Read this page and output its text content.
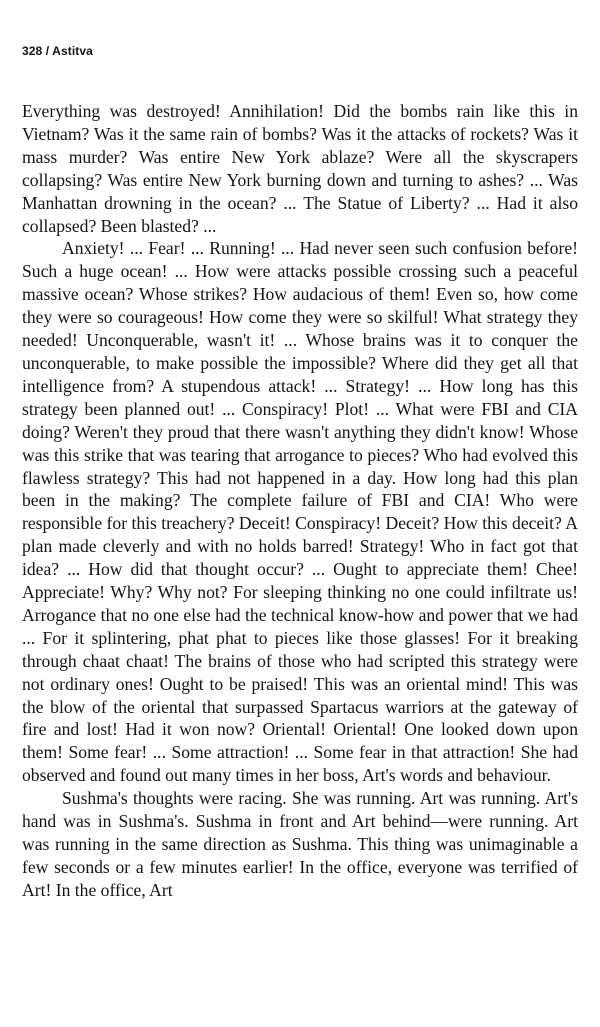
328 / Astitva

Everything was destroyed! Annihilation! Did the bombs rain like this in Vietnam? Was it the same rain of bombs? Was it the attacks of rockets? Was it mass murder? Was entire New York ablaze? Were all the skyscrapers collapsing? Was entire New York burning down and turning to ashes? ... Was Manhattan drowning in the ocean? ... The Statue of Liberty? ... Had it also collapsed? Been blasted? ...

Anxiety! ... Fear! ... Running! ... Had never seen such confusion before! Such a huge ocean! ... How were attacks possible crossing such a peaceful massive ocean? Whose strikes? How audacious of them! Even so, how come they were so courageous! How come they were so skilful! What strategy they needed! Unconquerable, wasn't it! ... Whose brains was it to conquer the unconquerable, to make possible the impossible? Where did they get all that intelligence from? A stupendous attack! ... Strategy! ... How long has this strategy been planned out! ... Conspiracy! Plot! ... What were FBI and CIA doing? Weren't they proud that there wasn't anything they didn't know! Whose was this strike that was tearing that arrogance to pieces? Who had evolved this flawless strategy? This had not happened in a day. How long had this plan been in the making? The complete failure of FBI and CIA! Who were responsible for this treachery? Deceit! Conspiracy! Deceit? How this deceit? A plan made cleverly and with no holds barred! Strategy! Who in fact got that idea? ... How did that thought occur? ... Ought to appreciate them! Chee! Appreciate! Why? Why not? For sleeping thinking no one could infiltrate us! Arrogance that no one else had the technical know-how and power that we had ... For it splintering, phat phat to pieces like those glasses! For it breaking through chaat chaat! The brains of those who had scripted this strategy were not ordinary ones! Ought to be praised! This was an oriental mind! This was the blow of the oriental that surpassed Spartacus warriors at the gateway of fire and lost! Had it won now? Oriental! Oriental! One looked down upon them! Some fear! ... Some attraction! ... Some fear in that attraction! She had observed and found out many times in her boss, Art's words and behaviour.

Sushma's thoughts were racing. She was running. Art was running. Art's hand was in Sushma's. Sushma in front and Art behind—were running. Art was running in the same direction as Sushma. This thing was unimaginable a few seconds or a few minutes earlier! In the office, everyone was terrified of Art! In the office, Art
